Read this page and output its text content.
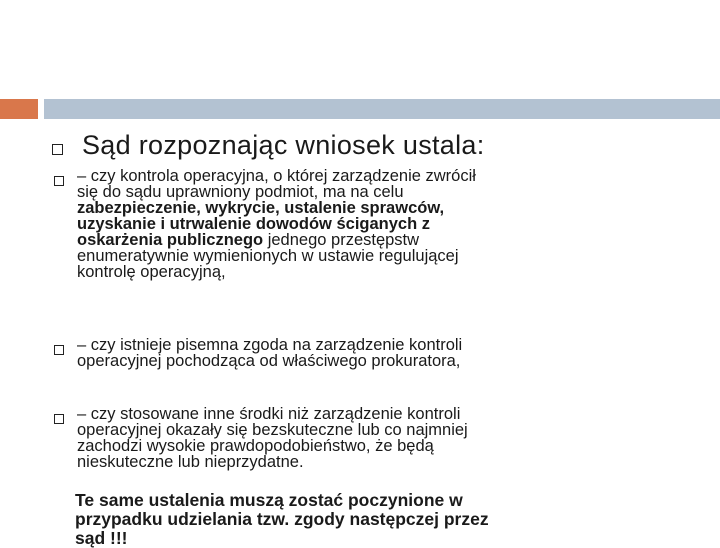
Sąd rozpoznając wniosek ustala:
– czy kontrola operacyjna, o której zarządzenie zwrócił
się do sądu uprawniony podmiot, ma na celu
zabezpieczenie, wykrycie, ustalenie sprawców,
uzyskanie i utrwalenie dowodów ściganych z
oskarżenia publicznego jednego przestępstw
enumeratywnie wymienionych w ustawie regulującej
kontrolę operacyjną,
– czy istnieje pisemna zgoda na zarządzenie kontroli
operacyjnej pochodząca od właściwego prokuratora,
– czy stosowane inne środki niż zarządzenie kontroli
operacyjnej okazały się bezskuteczne lub co najmniej
zachodzi wysokie prawdopodobieństwo, że będą
nieskuteczne lub nieprzydatne.
Te same ustalenia muszą zostać poczynione w
przypadku udzielania tzw. zgody następczej przez
sąd !!!
